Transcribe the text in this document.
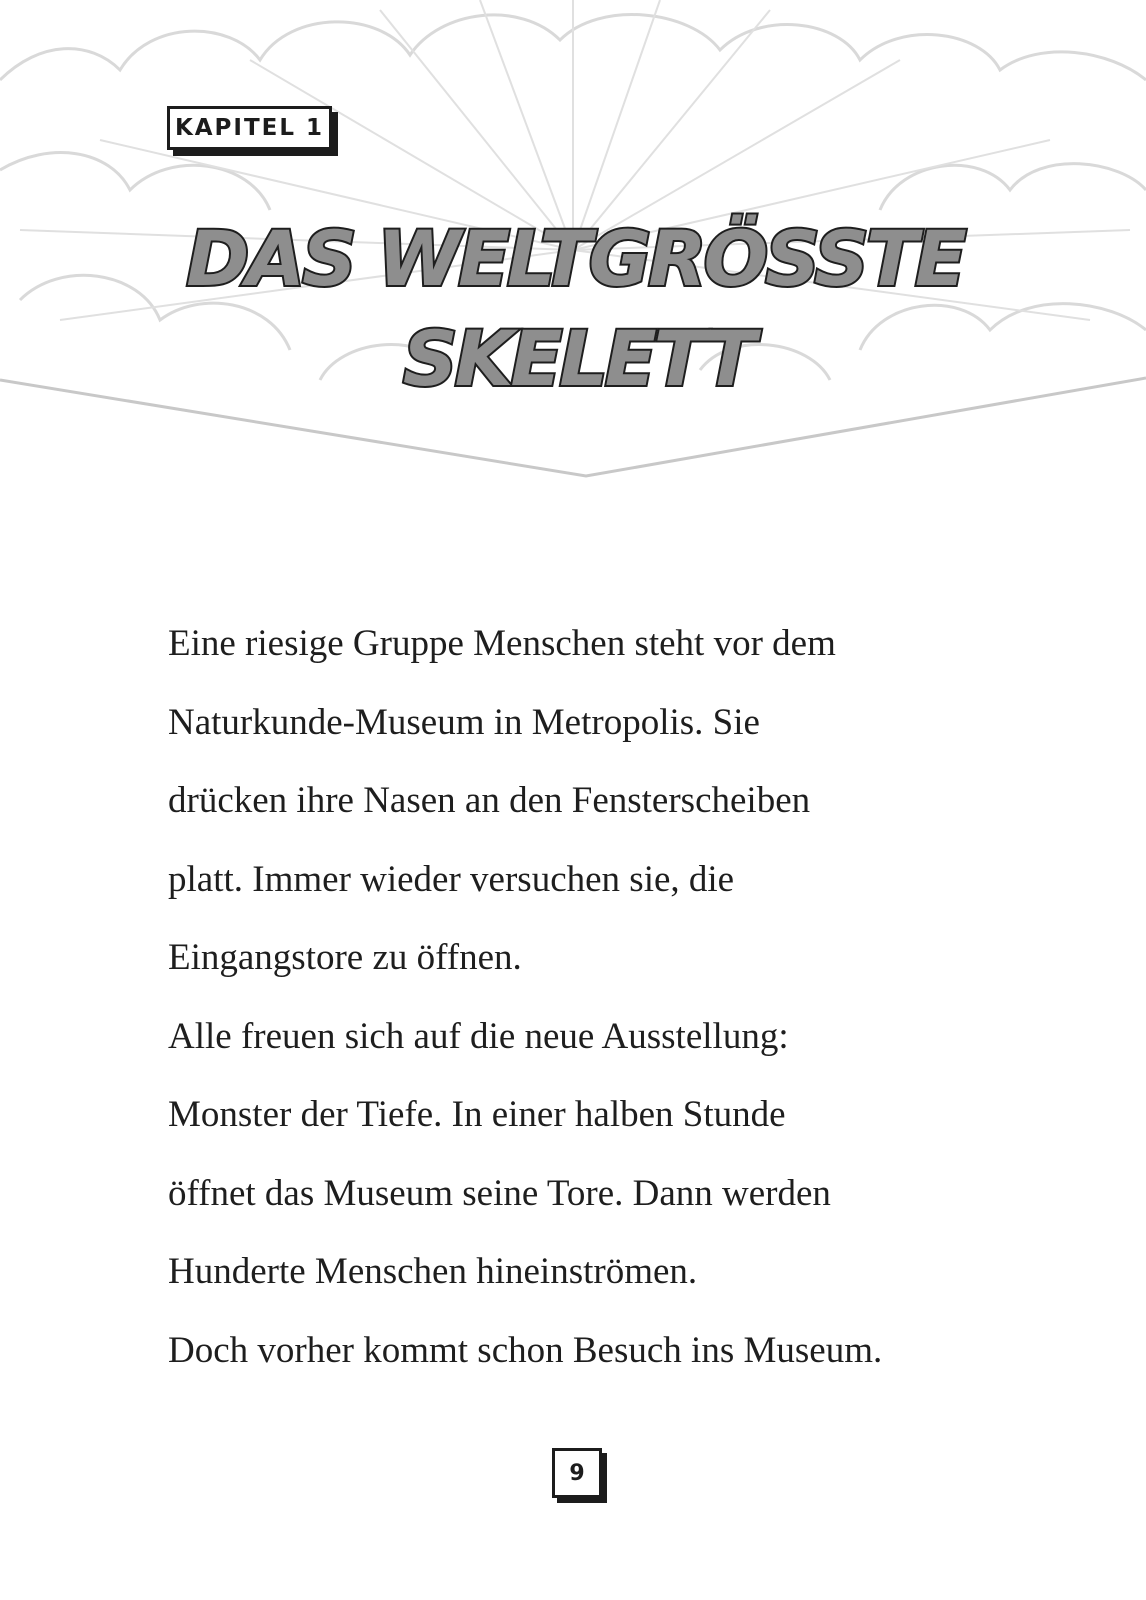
KAPITEL 1
DAS WELTGRÖSSTE
SKELETT

Eine riesige Gruppe Menschen steht vor dem

Naturkunde-Museum in Metropolis. Sie

drücken ihre Nasen an den Fensterscheiben

platt. Immer wieder versuchen sie, die

Eingangstore zu öffnen.

Alle freuen sich auf die neue Ausstellung:

Monster der Tiefe. In einer halben Stunde

öffnet das Museum seine Tore. Dann werden

Hunderte Menschen hineinströmen.

Doch vorher kommt schon Besuch ins Museum.

9
